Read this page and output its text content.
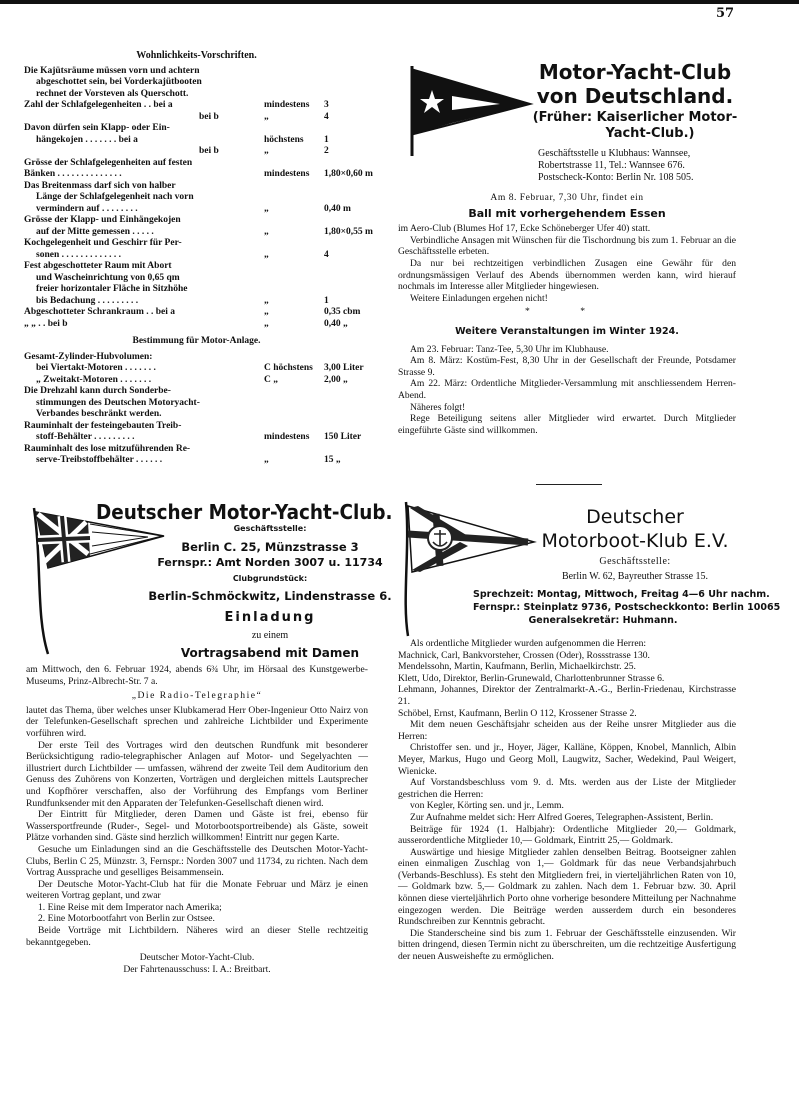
57
Wohnlichkeits-Vorschriften.
Die Kajütsräume müssen vorn und achtern
abgeschottet sein, bei Vorderkajütbooten
rechnet der Vorsteven als Querschott.
Zahl der Schlafgelegenheiten . . bei a	mindestens 3
bei b	„	4
Davon dürfen sein Klapp- oder Ein-
hängekojen . . . . . . . bei a	höchstens 1
bei b	„	2
Grösse der Schlafgelegenheiten auf festen
Bänken . . . . . . . . . . . . . .	mindestens 1,80×0,60 m
Das Breitenmass darf sich von halber
Länge der Schlafgelegenheit nach vorn
vermindern auf . . . . . . . .	„	0,40 m
Grösse der Klapp- und Einhängekojen
auf der Mitte gemessen . . . . .	„	1,80×0,55 m
Kochgelegenheit und Geschirr für Per-
sonen . . . . . . . . . . . . .	„	4
Fest abgeschotteter Raum mit Abort
und Wascheinrichtung von 0,65 qm
freier horizontaler Fläche in Sitzhöhe
bis Bedachung . . . . . . . . .	„	1
Abgeschotteter Schrankraum . . bei a	„	0,35 cbm
„ „ . . bei b	„	0,40 „
Bestimmung für Motor-Anlage.
Gesamt-Zylinder-Hubvolumen:
bei Viertakt-Motoren . . . . . . .	C höchstens 3,00 Liter
„ Zweitakt-Motoren . . . . . . .	C „	2,00 „
Die Drehzahl kann durch Sonderbe-
stimmungen des Deutschen Motoryacht-
Verbandes beschränkt werden.
Rauminhalt der festeingebauten Treib-
stoff-Behälter . . . . . . . . .	mindestens 150 Liter
Rauminhalt des lose mitzuführenden Re-
serve-Treibstoffbehälter . . . . . .	„	15 „
Motor-Yacht-Club
von Deutschland.
(Früher: Kaiserlicher Motor-
Yacht-Club.)
Geschäftsstelle u Klubhaus: Wannsee,
Robertstrasse 11, Tel.: Wannsee 676.
Postscheck-Konto: Berlin Nr. 108 505.
Am 8. Februar, 7,30 Uhr, findet ein
Ball mit vorhergehendem Essen

im Aero-Club (Blumes Hof 17, Ecke Schöneberger Ufer 40) statt.

Verbindliche Ansagen mit Wünschen für die Tischordnung bis zum 1. Februar an die Geschäftsstelle erbeten.

Da nur bei rechtzeitigen verbindlichen Zusagen eine Gewähr für den ordnungsmässigen Verlauf des Abends übernommen werden kann, wird hierauf nochmals im Interesse aller Mitglieder hingewiesen.

Weitere Einladungen ergehen nicht!

* *
Weitere Veranstaltungen im Winter 1924.

Am 23. Februar: Tanz-Tee, 5,30 Uhr im Klubhause.

Am 8. März: Kostüm-Fest, 8,30 Uhr in der Gesellschaft der Freunde, Potsdamer Strasse 9.

Am 22. März: Ordentliche Mitglieder-Versammlung mit anschliessendem Herren-Abend.

Näheres folgt!

Rege Beteiligung seitens aller Mitglieder wird erwartet. Durch Mitglieder eingeführte Gäste sind willkommen.

Deutscher Motor-Yacht-Club.
Geschäftsstelle:
Berlin C. 25, Münzstrasse 3
Fernspr.: Amt Norden 3007 u. 11734
Clubgrundstück:
Berlin-Schmöckwitz, Lindenstrasse 6.
Einladung
zu einem
Vortragsabend mit Damen

am Mittwoch, den 6. Februar 1924, abends 6¾ Uhr, im Hörsaal des Kunstgewerbe-Museums, Prinz-Albrecht-Str. 7 a.

„Die Radio-Telegraphie“

lautet das Thema, über welches unser Klubkamerad Herr Ober-Ingenieur Otto Nairz von der Telefunken-Gesellschaft sprechen und zahlreiche Lichtbilder und Experimente vorführen wird.

Der erste Teil des Vortrages wird den deutschen Rundfunk mit besonderer Berücksichtigung radio-telegraphischer Anlagen auf Motor- und Segelyachten — illustriert durch Lichtbilder — umfassen, während der zweite Teil dem Auditorium den Genuss des Zuhörens von Konzerten, Vorträgen und dergleichen mittels Lautsprecher und Kopfhörer verschaffen, also der Vorführung des Empfangs vom Berliner Rundfunksender mit den Apparaten der Telefunken-Gesellschaft dienen wird.

Der Eintritt für Mitglieder, deren Damen und Gäste ist frei, ebenso für Wassersportfreunde (Ruder-, Segel- und Motorbootsportreibende) als Gäste, soweit Plätze vorhanden sind. Gäste sind herzlich willkommen! Eintritt nur gegen Karte.

Gesuche um Einladungen sind an die Geschäftsstelle des Deutschen Motor-Yacht-Clubs, Berlin C 25, Münzstr. 3, Fernspr.: Norden 3007 und 11734, zu richten. Nach dem Vortrag Aussprache und geselliges Beisammensein.

Der Deutsche Motor-Yacht-Club hat für die Monate Februar und März je einen weiteren Vortrag geplant, und zwar

1. Eine Reise mit dem Imperator nach Amerika;

2. Eine Motorbootfahrt von Berlin zur Ostsee.

Beide Vorträge mit Lichtbildern. Näheres wird an dieser Stelle rechtzeitig bekanntgegeben.

Deutscher Motor-Yacht-Club.
Der Fahrtenausschuss: I. A.: Breitbart.
Deutscher
Motorboot-Klub E.V.
Geschäftsstelle:
Berlin W. 62, Bayreuther Strasse 15.
Sprechzeit: Montag, Mittwoch, Freitag 4—6 Uhr nachm.
Fernspr.: Steinplatz 9736, Postscheckkonto: Berlin 10065
Generalsekretär: Huhmann.

Als ordentliche Mitglieder wurden aufgenommen die Herren:

Machnick, Carl, Bankvorsteher, Crossen (Oder), Rossstrasse 130.

Mendelssohn, Martin, Kaufmann, Berlin, Michaelkirchstr. 25.

Klett, Udo, Direktor, Berlin-Grunewald, Charlottenbrunner Strasse 6.

Lehmann, Johannes, Direktor der Zentralmarkt-A.-G., Berlin-Friedenau, Kirchstrasse 21.

Schöbel, Ernst, Kaufmann, Berlin O 112, Krossener Strasse 2.

Mit dem neuen Geschäftsjahr scheiden aus der Reihe unsrer Mitglieder aus die Herren:

Christoffer sen. und jr., Hoyer, Jäger, Kalläne, Köppen, Knobel, Mannlich, Albin Meyer, Markus, Hugo und Georg Moll, Laugwitz, Sacher, Wedekind, Paul Weigert, Wienicke.

Auf Vorstandsbeschluss vom 9. d. Mts. werden aus der Liste der Mitglieder gestrichen die Herren:

von Kegler, Körting sen. und jr., Lemm.

Zur Aufnahme meldet sich: Herr Alfred Goeres, Telegraphen-Assistent, Berlin.

Beiträge für 1924 (1. Halbjahr): Ordentliche Mitglieder 20,— Goldmark, ausserordentliche Mitglieder 10,— Goldmark, Eintritt 25,— Goldmark.

Auswärtige und hiesige Mitglieder zahlen denselben Beitrag. Bootseigner zahlen einen einmaligen Zuschlag von 1,— Goldmark für das neue Verbandsjahrbuch (Verbands-Beschluss). Es steht den Mitgliedern frei, in vierteljährlichen Raten von 10,— Goldmark bzw. 5,— Goldmark zu zahlen. Nach dem 1. Februar bzw. 30. April können diese vierteljährlich Porto ohne vorherige besondere Mitteilung per Nachnahme eingezogen werden. Die Beiträge werden ausserdem durch ein besonderes Rundschreiben zur Kenntnis gebracht.

Die Standerscheine sind bis zum 1. Februar der Geschäftsstelle einzusenden. Wir bitten dringend, diesen Termin nicht zu überschreiten, um die rechtzeitige Ausfertigung der neuen Ausweishefte zu ermöglichen.
